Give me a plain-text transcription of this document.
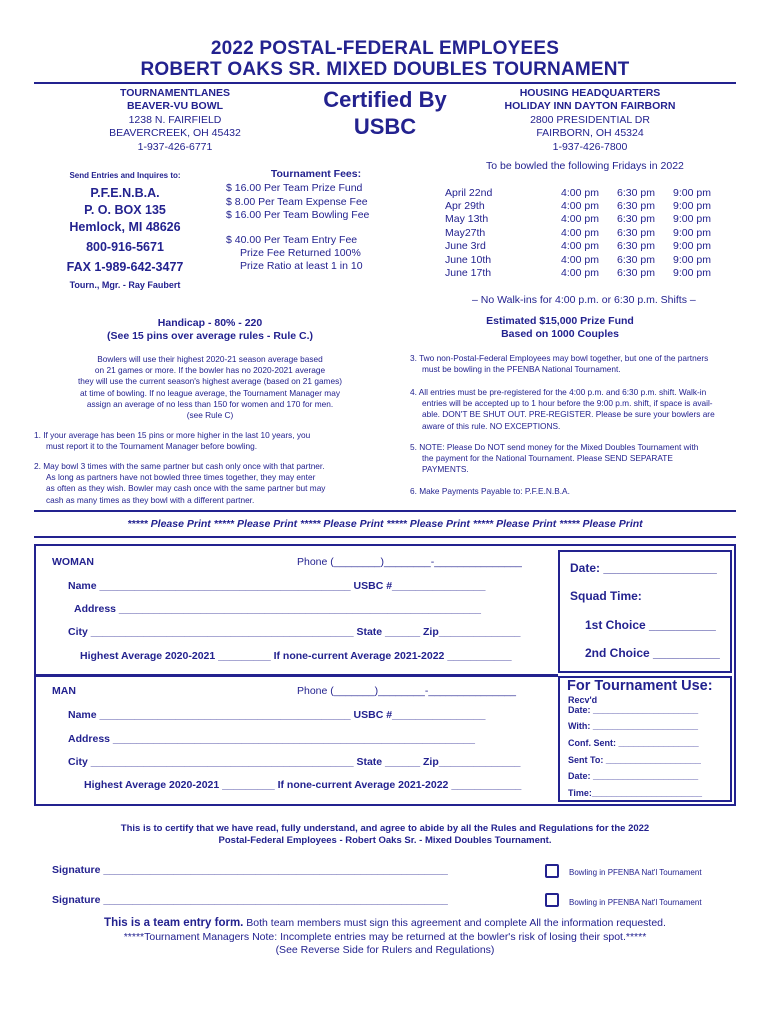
2022 POSTAL-FEDERAL EMPLOYEES
ROBERT OAKS SR. MIXED DOUBLES TOURNAMENT
TOURNAMENTLANES
BEAVER-VU BOWL
1238 N. FAIRFIELD
BEAVERCREEK, OH 45432
1-937-426-6771
Certified By
USBC
HOUSING HEADQUARTERS
HOLIDAY INN DAYTON FAIRBORN
2800 PRESIDENTIAL DR
FAIRBORN, OH 45324
1-937-426-7800
Send Entries and Inquires to:
P.F.E.N.B.A.
P. O. BOX 135
Hemlock, MI 48626
800-916-5671
FAX 1-989-642-3477
Tourn., Mgr. - Ray Faubert
Tournament Fees:
$ 16.00 Per Team Prize Fund
$ 8.00 Per Team Expense Fee
$ 16.00 Per Team Bowling Fee
$ 40.00 Per Team Entry Fee
Prize Fee Returned 100%
Prize Ratio at least 1 in 10
To be bowled the following Fridays in 2022
April 22nd	4:00 pm	6:30 pm	9:00 pm
Apr 29th	4:00 pm	6:30 pm	9:00 pm
May 13th	4:00 pm	6:30 pm	9:00 pm
May27th	4:00 pm	6:30 pm	9:00 pm
June 3rd	4:00 pm	6:30 pm	9:00 pm
June 10th	4:00 pm	6:30 pm	9:00 pm
June 17th	4:00 pm	6:30 pm	9:00 pm
– No Walk-ins for 4:00 p.m. or 6:30 p.m. Shifts –
Handicap - 80% - 220
(See 15 pins over average rules - Rule C.)
Estimated $15,000 Prize Fund
Based on 1000 Couples
Bowlers will use their highest 2020-21 season average based
on 21 games or more. If the bowler has no 2020-2021 average
they will use the current season's highest average (based on 21 games)
at time of bowling. If no league average, the Tournament Manager may
assign an average of no less than 150 for women and 170 for men.
(see Rule C)
1. If your average has been 15 pins or more higher in the last 10 years, you
must report it to the Tournament Manager before bowling.
2. May bowl 3 times with the same partner but cash only once with that partner.
As long as partners have not bowled three times together, they may enter
as often as they wish. Bowler may cash once with the same partner but may
cash as many times as they bowl with a different partner.
3. Two non-Postal-Federal Employees may bowl together, but one of the partners
must be bowling in the PFENBA National Tournament.
4. All entries must be pre-registered for the 4:00 p.m. and 6:30 p.m. shift. Walk-in
entries will be accepted up to 1 hour before the 9:00 p.m. shift, if space is avail-
able. DON'T BE SHUT OUT. PRE-REGISTER. Please be sure your bowlers are
aware of this rule. NO EXCEPTIONS.
5. NOTE: Please Do NOT send money for the Mixed Doubles Tournament with
the payment for the National Tournament. Please SEND SEPARATE
PAYMENTS.
6. Make Payments Payable to: P.F.E.N.B.A.
***** Please Print ***** Please Print ***** Please Print ***** Please Print ***** Please Print ***** Please Print
WOMAN	Phone (________)________-_______________
Name ___________________________________________ USBC #________________
Address ______________________________________________________________
City _____________________________________________ State ______ Zip______________
Highest Average 2020-2021 _________ If none-current Average 2021-2022 ___________
MAN	Phone (_______)________-_______________
Name ___________________________________________ USBC #________________
Address ______________________________________________________________
City _____________________________________________ State ______ Zip______________
Highest Average 2020-2021 _________ If none-current Average 2021-2022 ____________
Date: _________________
Squad Time:
1st Choice __________
2nd Choice __________
For Tournament Use:
Recv'd
Date: _____________________
With: _____________________
Conf. Sent: ________________
Sent To: ___________________
Date: _____________________
Time:______________________
This is to certify that we have read, fully understand, and agree to abide by all the Rules and Regulations for the 2022
Postal-Federal Employees - Robert Oaks Sr. - Mixed Doubles Tournament.
Signature ___________________________________________________________	Bowling in PFENBA Nat'l Tournament
Signature ___________________________________________________________	Bowling in PFENBA Nat'l Tournament
This is a team entry form. Both team members must sign this agreement and complete All the information requested.
*****Tournament Managers Note: Incomplete entries may be returned at the bowler's risk of losing their spot.*****
(See Reverse Side for Rulers and Regulations)
